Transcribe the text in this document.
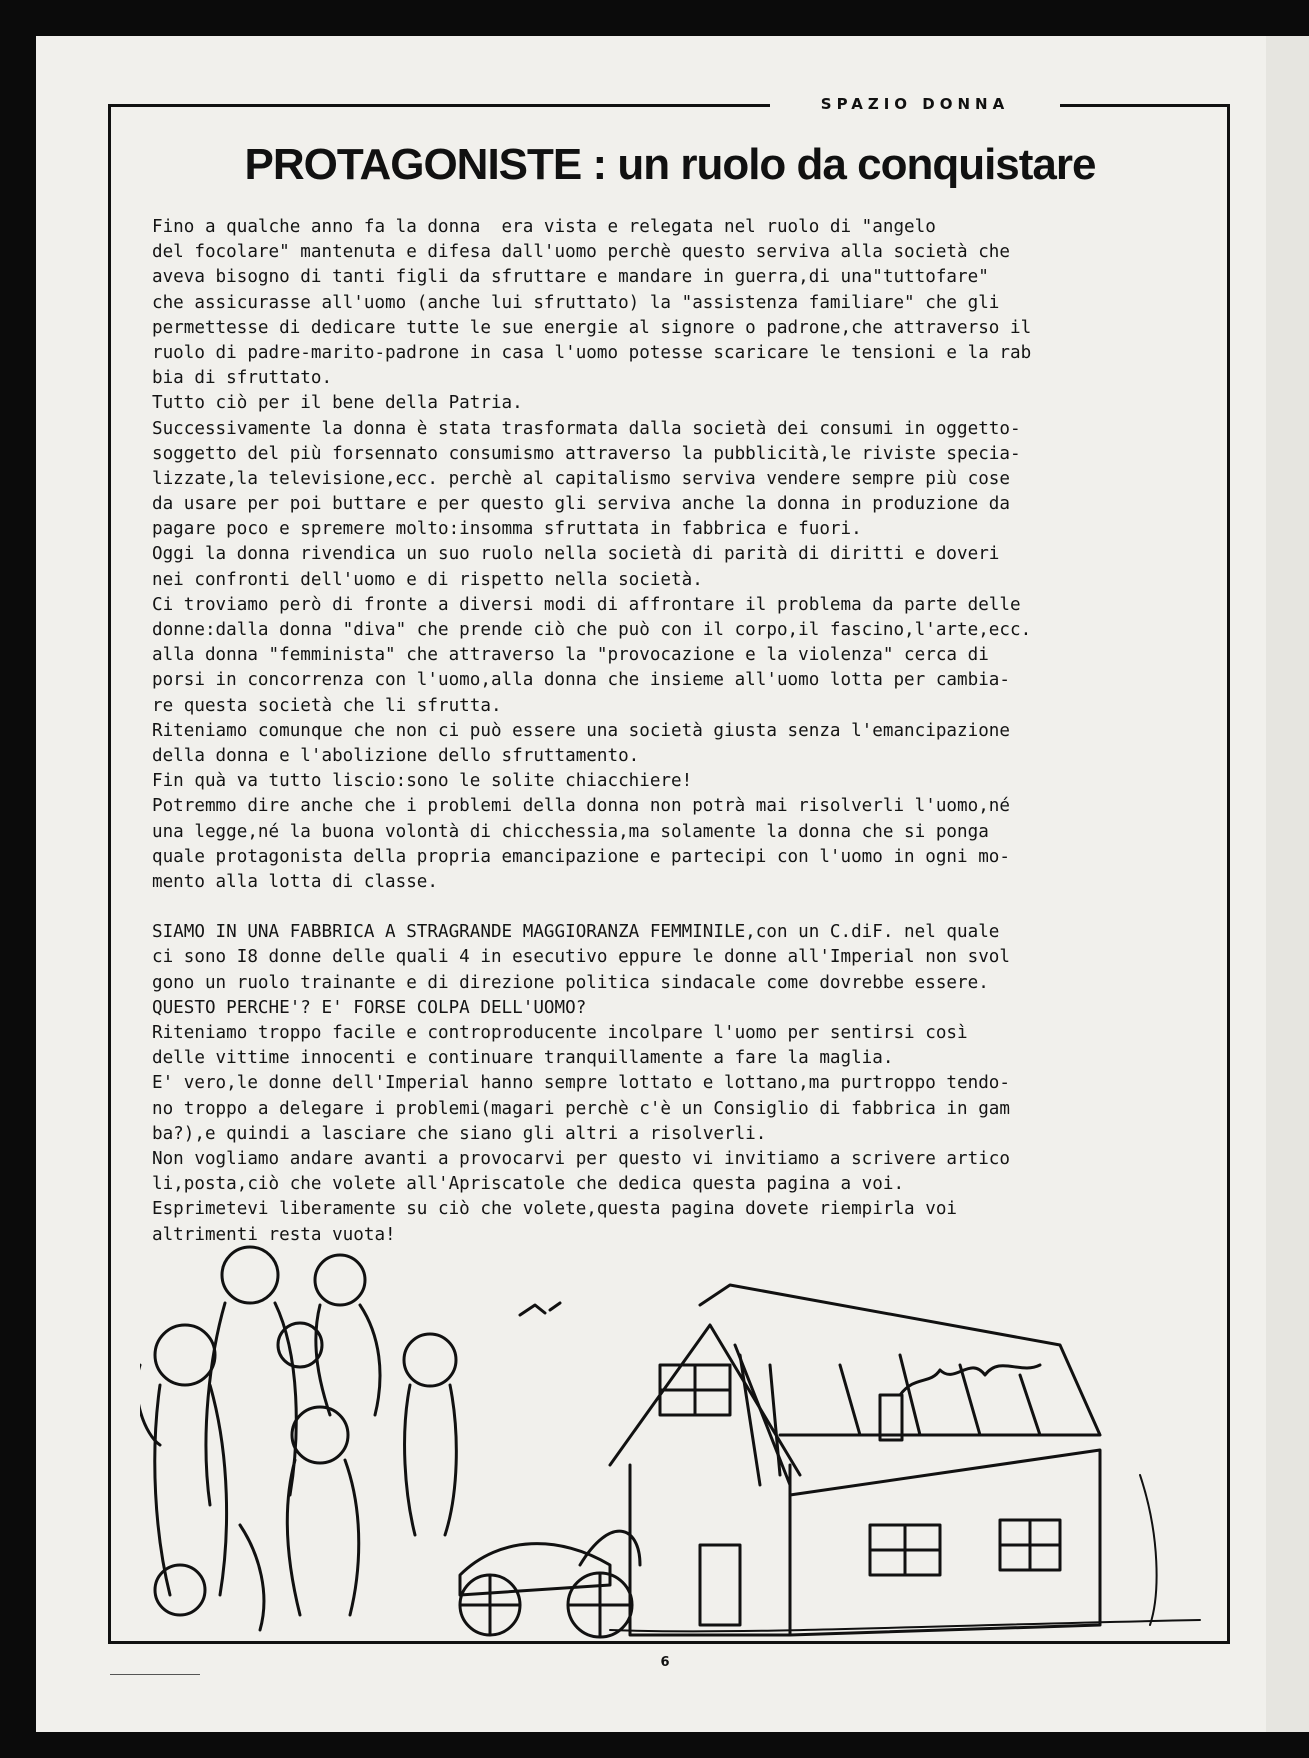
SPAZIO DONNA
PROTAGONISTE : un ruolo da conquistare
Fino a qualche anno fa la donna  era vista e relegata nel ruolo di "angelo
del focolare" mantenuta e difesa dall'uomo perchè questo serviva alla società che
aveva bisogno di tanti figli da sfruttare e mandare in guerra,di una"tuttofare"
che assicurasse all'uomo (anche lui sfruttato) la "assistenza familiare" che gli
permettesse di dedicare tutte le sue energie al signore o padrone,che attraverso il
ruolo di padre-marito-padrone in casa l'uomo potesse scaricare le tensioni e la rab
bia di sfruttato.
Tutto ciò per il bene della Patria.
Successivamente la donna è stata trasformata dalla società dei consumi in oggetto-
soggetto del più forsennato consumismo attraverso la pubblicità,le riviste specia-
lizzate,la televisione,ecc. perchè al capitalismo serviva vendere sempre più cose
da usare per poi buttare e per questo gli serviva anche la donna in produzione da
pagare poco e spremere molto:insomma sfruttata in fabbrica e fuori.
Oggi la donna rivendica un suo ruolo nella società di parità di diritti e doveri
nei confronti dell'uomo e di rispetto nella società.
Ci troviamo però di fronte a diversi modi di affrontare il problema da parte delle
donne:dalla donna "diva" che prende ciò che può con il corpo,il fascino,l'arte,ecc.
alla donna "femminista" che attraverso la "provocazione e la violenza" cerca di
porsi in concorrenza con l'uomo,alla donna che insieme all'uomo lotta per cambia-
re questa società che li sfrutta.
Riteniamo comunque che non ci può essere una società giusta senza l'emancipazione
della donna e l'abolizione dello sfruttamento.
Fin quà va tutto liscio:sono le solite chiacchiere!
Potremmo dire anche che i problemi della donna non potrà mai risolverli l'uomo,né
una legge,né la buona volontà di chicchessia,ma solamente la donna che si ponga
quale protagonista della propria emancipazione e partecipi con l'uomo in ogni mo-
mento alla lotta di classe.
SIAMO IN UNA FABBRICA A STRAGRANDE MAGGIORANZA FEMMINILE,con un C.diF. nel quale
ci sono I8 donne delle quali 4 in esecutivo eppure le donne all'Imperial non svol
gono un ruolo trainante e di direzione politica sindacale come dovrebbe essere.
QUESTO PERCHE'? E' FORSE COLPA DELL'UOMO?
Riteniamo troppo facile e controproducente incolpare l'uomo per sentirsi così
delle vittime innocenti e continuare tranquillamente a fare la maglia.
E' vero,le donne dell'Imperial hanno sempre lottato e lottano,ma purtroppo tendo-
no troppo a delegare i problemi(magari perchè c'è un Consiglio di fabbrica in gam
ba?),e quindi a lasciare che siano gli altri a risolverli.
Non vogliamo andare avanti a provocarvi per questo vi invitiamo a scrivere artico
li,posta,ciò che volete all'Apriscatole che dedica questa pagina a voi.
Esprimetevi liberamente su ciò che volete,questa pagina dovete riempirla voi
altrimenti resta vuota!
6
